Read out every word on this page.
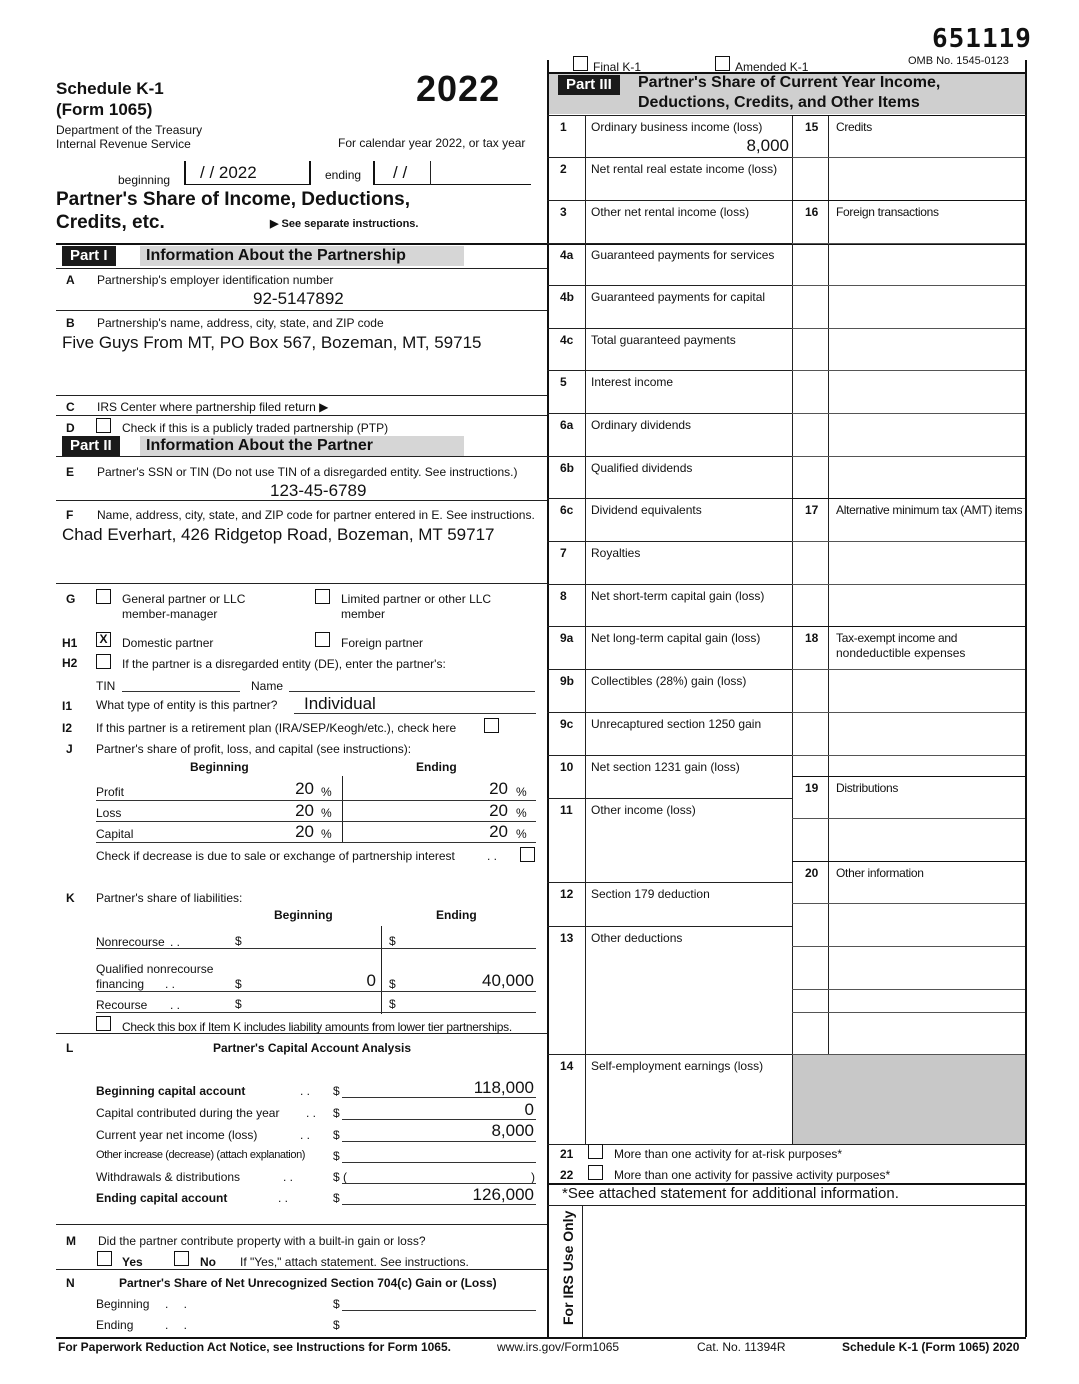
651119
OMB No. 1545-0123
Schedule K-1
(Form 1065)
2022
Department of the Treasury
Internal Revenue Service	For calendar year 2022, or tax year
beginning / / 2022	ending / /
Partner's Share of Income, Deductions,
Credits, etc.	▶ See separate instructions.
Part I	Information About the Partnership
A Partnership's employer identification number
92-5147892
B Partnership's name, address, city, state, and ZIP code
Five Guys From MT, PO Box 567, Bozeman, MT, 59715
C IRS Center where partnership filed return ▶
D	Check if this is a publicly traded partnership (PTP)
Part II	Information About the Partner
E Partner's SSN or TIN (Do not use TIN of a disregarded entity. See instructions.)
123-45-6789
F Name, address, city, state, and ZIP code for partner entered in E. See instructions.
Chad Everhart, 426 Ridgetop Road, Bozeman, MT 59717
G	General partner or LLC
member-manager
Limited partner or other LLC
member
H1 X Domestic partner	Foreign partner
H2	If the partner is a disregarded entity (DE), enter the partner's:
TIN	Name
I1 What type of entity is this partner? Individual
I2 If this partner is a retirement plan (IRA/SEP/Keogh/etc.), check here
J Partner's share of profit, loss, and capital (see instructions):
Beginning	Ending
Profit	20 %	20 %
Loss	20 %	20 %
Capital	20 %	20 %
Check if decrease is due to sale or exchange of partnership interest	. .
K Partner's share of liabilities:
Beginning	Ending
Nonrecourse . .	$	$
Qualified nonrecourse
financing . .	$	0 $	40,000
Recourse . .	$	$
Check this box if Item K includes liability amounts from lower tier partnerships.
L	Partner's Capital Account Analysis
Beginning capital account	. . $	118,000
Capital contributed during the year . . $	0
Current year net income (loss)	. . $	8,000
Other increase (decrease) (attach explanation) $
Withdrawals & distributions	. .	$ (	)
Ending capital account	. .	$	126,000
M Did the partner contribute property with a built-in gain or loss?
Yes	No If "Yes," attach statement. See instructions.
N	Partner's Share of Net Unrecognized Section 704(c) Gain or (Loss)
Beginning . .	$
Ending	. .	$
Final K-1	Amended K-1
Part III	Partner's Share of Current Year Income,
Deductions, Credits, and Other Items
1 Ordinary business income (loss)
8,000
2 Net rental real estate income (loss)
3 Other net rental income (loss)
4a Guaranteed payments for services
4b Guaranteed payments for capital
4c Total guaranteed payments
5 Interest income
6a Ordinary dividends
6b Qualified dividends
6c Dividend equivalents
7 Royalties
8 Net short-term capital gain (loss)
9a Net long-term capital gain (loss)
9b Collectibles (28%) gain (loss)
9c Unrecaptured section 1250 gain
10 Net section 1231 gain (loss)
11 Other income (loss)
12 Section 179 deduction
13 Other deductions
14 Self-employment earnings (loss)
15 Credits
16 Foreign transactions
17 Alternative minimum tax (AMT) items
18 Tax-exempt income and
nondeductible expenses
19 Distributions
20 Other information
21	More than one activity for at-risk purposes*
22	More than one activity for passive activity purposes*
*See attached statement for additional information.
For IRS Use Only
For Paperwork Reduction Act Notice, see Instructions for Form 1065.	www.irs.gov/Form1065	Cat. No. 11394R	Schedule K-1 (Form 1065) 2020
